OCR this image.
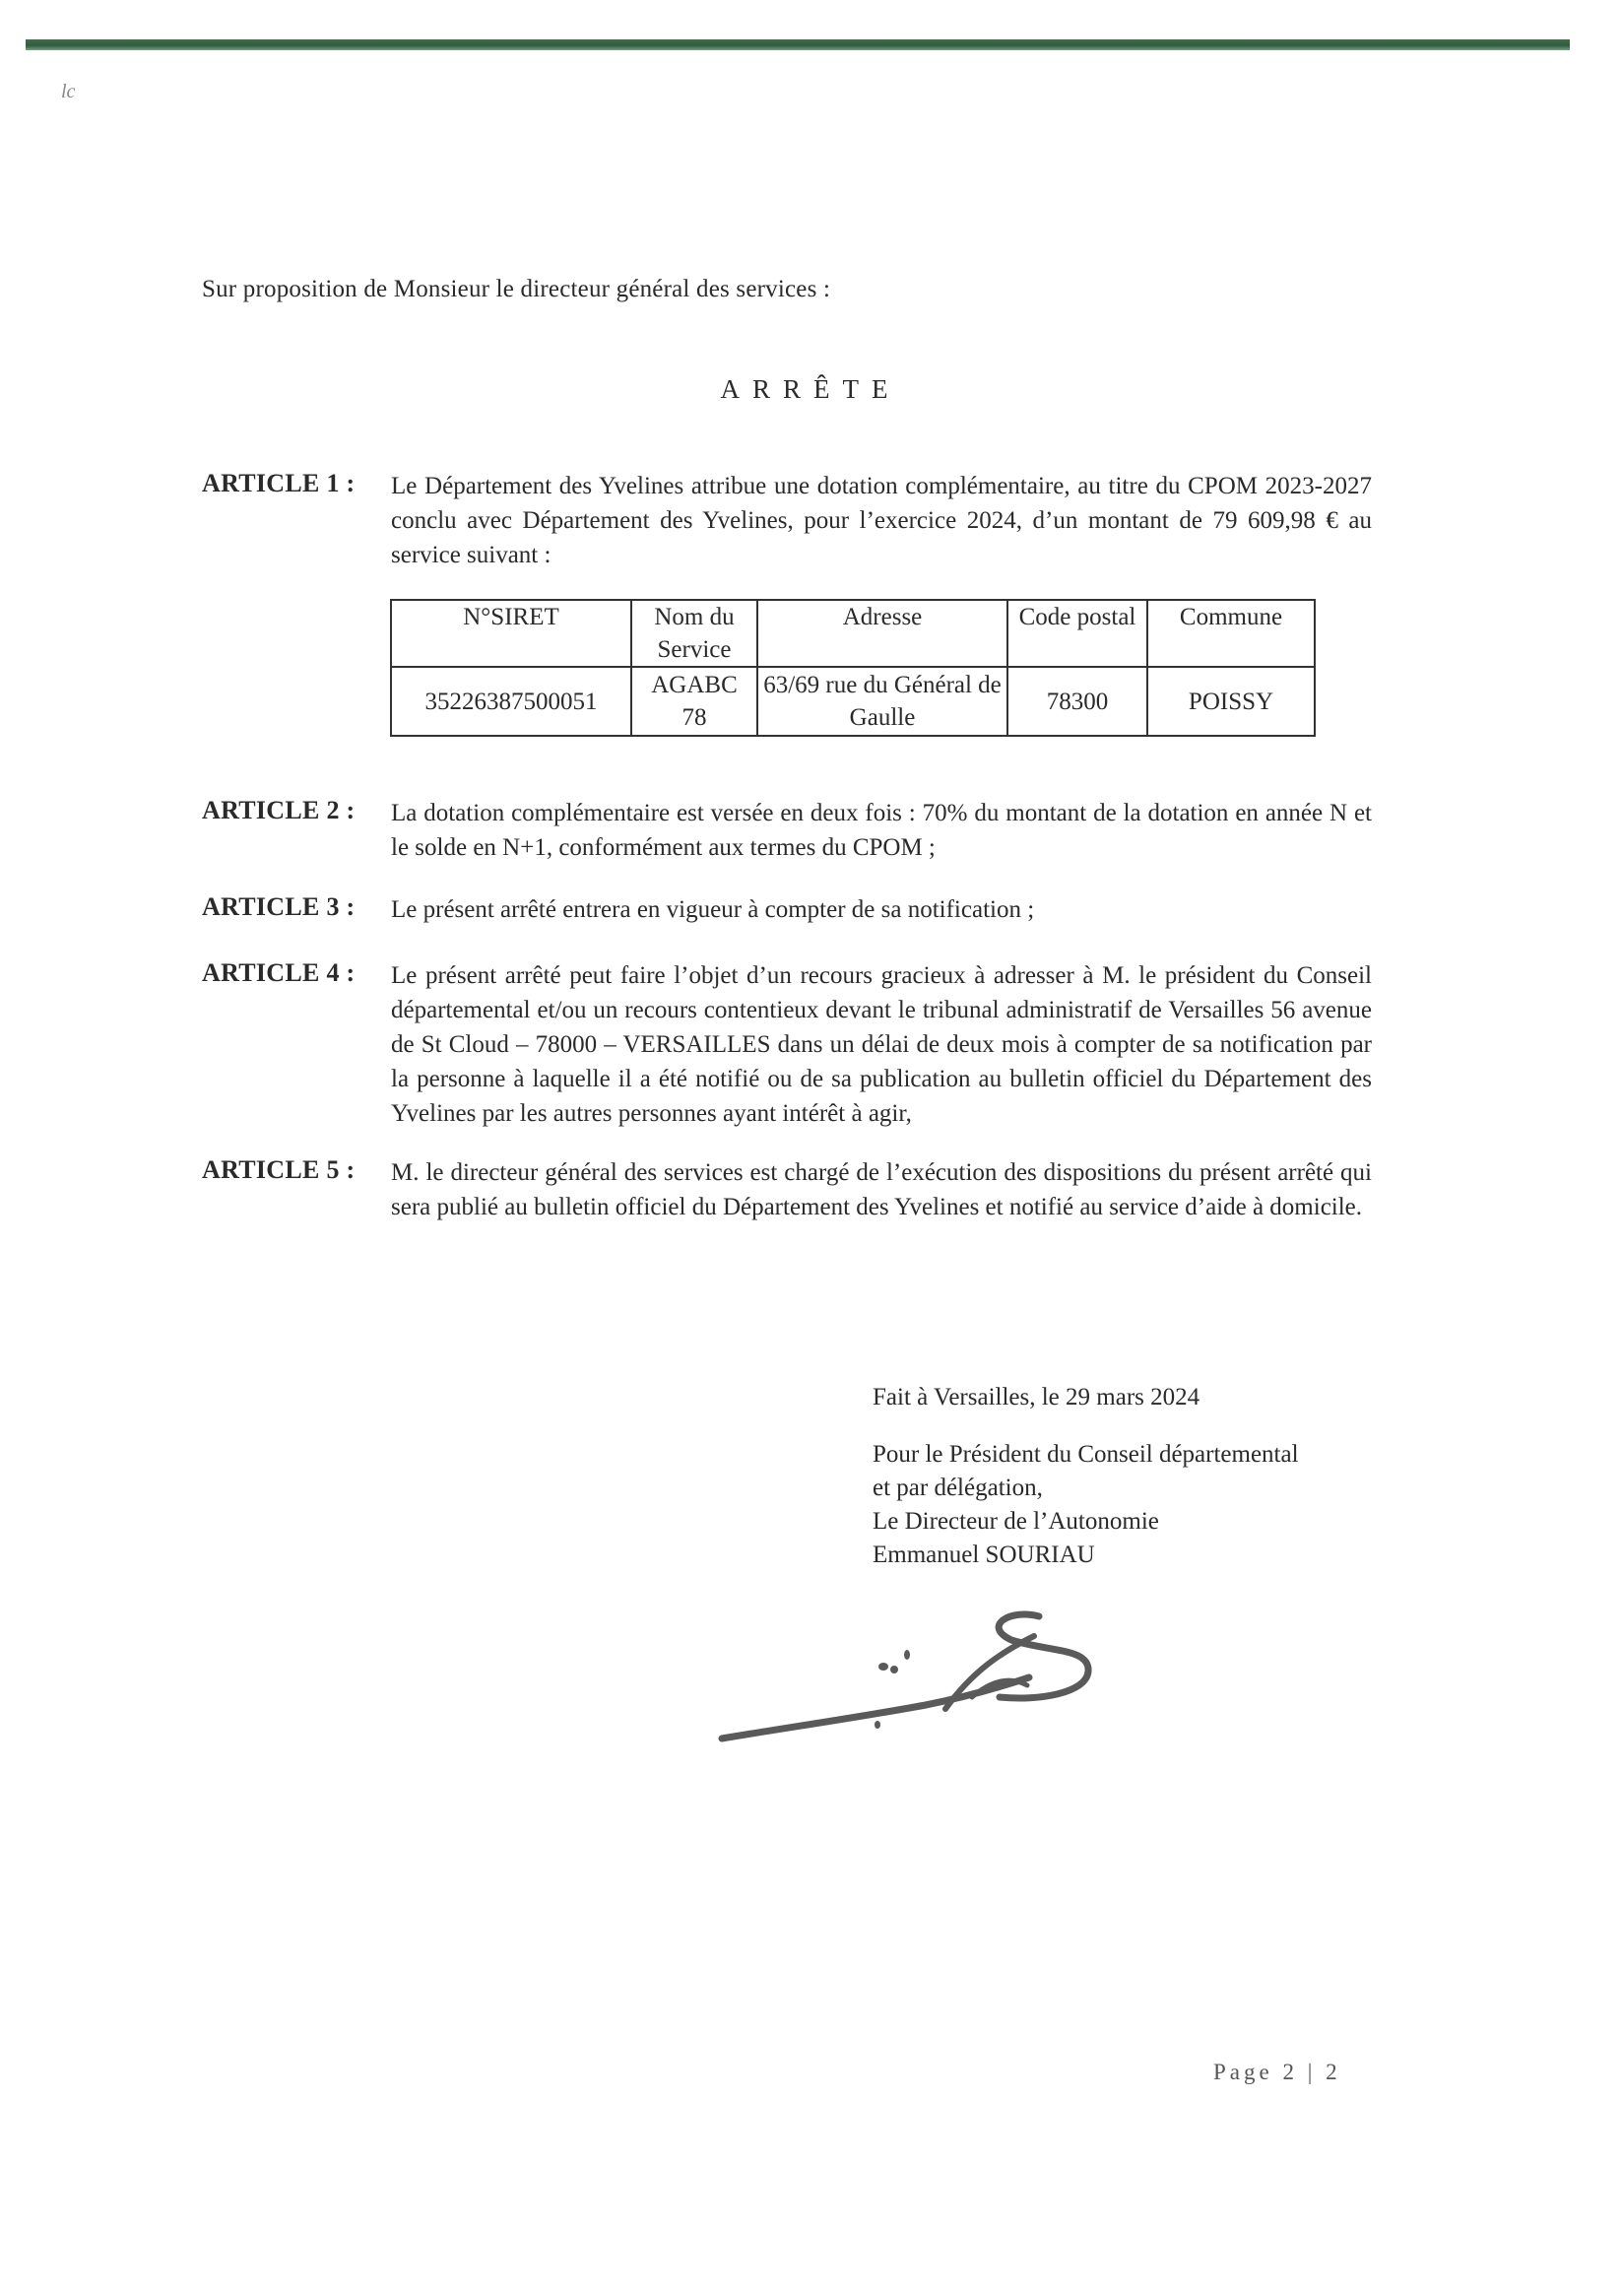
lc
Sur proposition de Monsieur le directeur général des services :
ARRÊTE
ARTICLE 1 : Le Département des Yvelines attribue une dotation complémentaire, au titre du CPOM 2023-2027 conclu avec Département des Yvelines, pour l’exercice 2024, d’un montant de 79 609,98 € au service suivant :
N°SIRET	Nom du Service	Adresse	Code postal	Commune
35226387500051	AGABC 78	63/69 rue du Général de Gaulle	78300	POISSY
ARTICLE 2 : La dotation complémentaire est versée en deux fois : 70% du montant de la dotation en année N et le solde en N+1, conformément aux termes du CPOM ;
ARTICLE 3 : Le présent arrêté entrera en vigueur à compter de sa notification ;
ARTICLE 4 : Le présent arrêté peut faire l’objet d’un recours gracieux à adresser à M. le président du Conseil départemental et/ou un recours contentieux devant le tribunal administratif de Versailles 56 avenue de St Cloud – 78000 – VERSAILLES dans un délai de deux mois à compter de sa notification par la personne à laquelle il a été notifié ou de sa publication au bulletin officiel du Département des Yvelines par les autres personnes ayant intérêt à agir,
ARTICLE 5 : M. le directeur général des services est chargé de l’exécution des dispositions du présent arrêté qui sera publié au bulletin officiel du Département des Yvelines et notifié au service d’aide à domicile.
Fait à Versailles, le 29 mars 2024
Pour le Président du Conseil départemental
et par délégation,
Le Directeur de l’Autonomie
Emmanuel SOURIAU
Page 2 | 2
